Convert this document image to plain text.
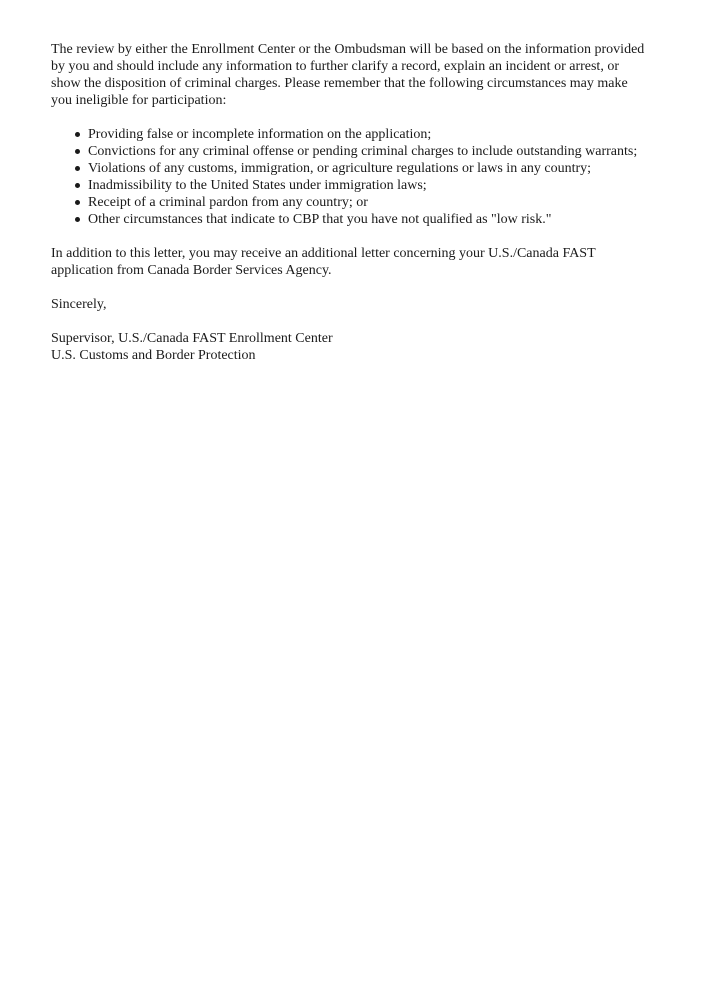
The review by either the Enrollment Center or the Ombudsman will be based on the information provided by you and should include any information to further clarify a record, explain an incident or arrest, or show the disposition of criminal charges. Please remember that the following circumstances may make you ineligible for participation:

Providing false or incomplete information on the application;
Convictions for any criminal offense or pending criminal charges to include outstanding warrants;
Violations of any customs, immigration, or agriculture regulations or laws in any country;
Inadmissibility to the United States under immigration laws;
Receipt of a criminal pardon from any country; or
Other circumstances that indicate to CBP that you have not qualified as "low risk."

In addition to this letter, you may receive an additional letter concerning your U.S./Canada FAST application from Canada Border Services Agency.

Sincerely,

Supervisor, U.S./Canada FAST Enrollment Center
U.S. Customs and Border Protection
